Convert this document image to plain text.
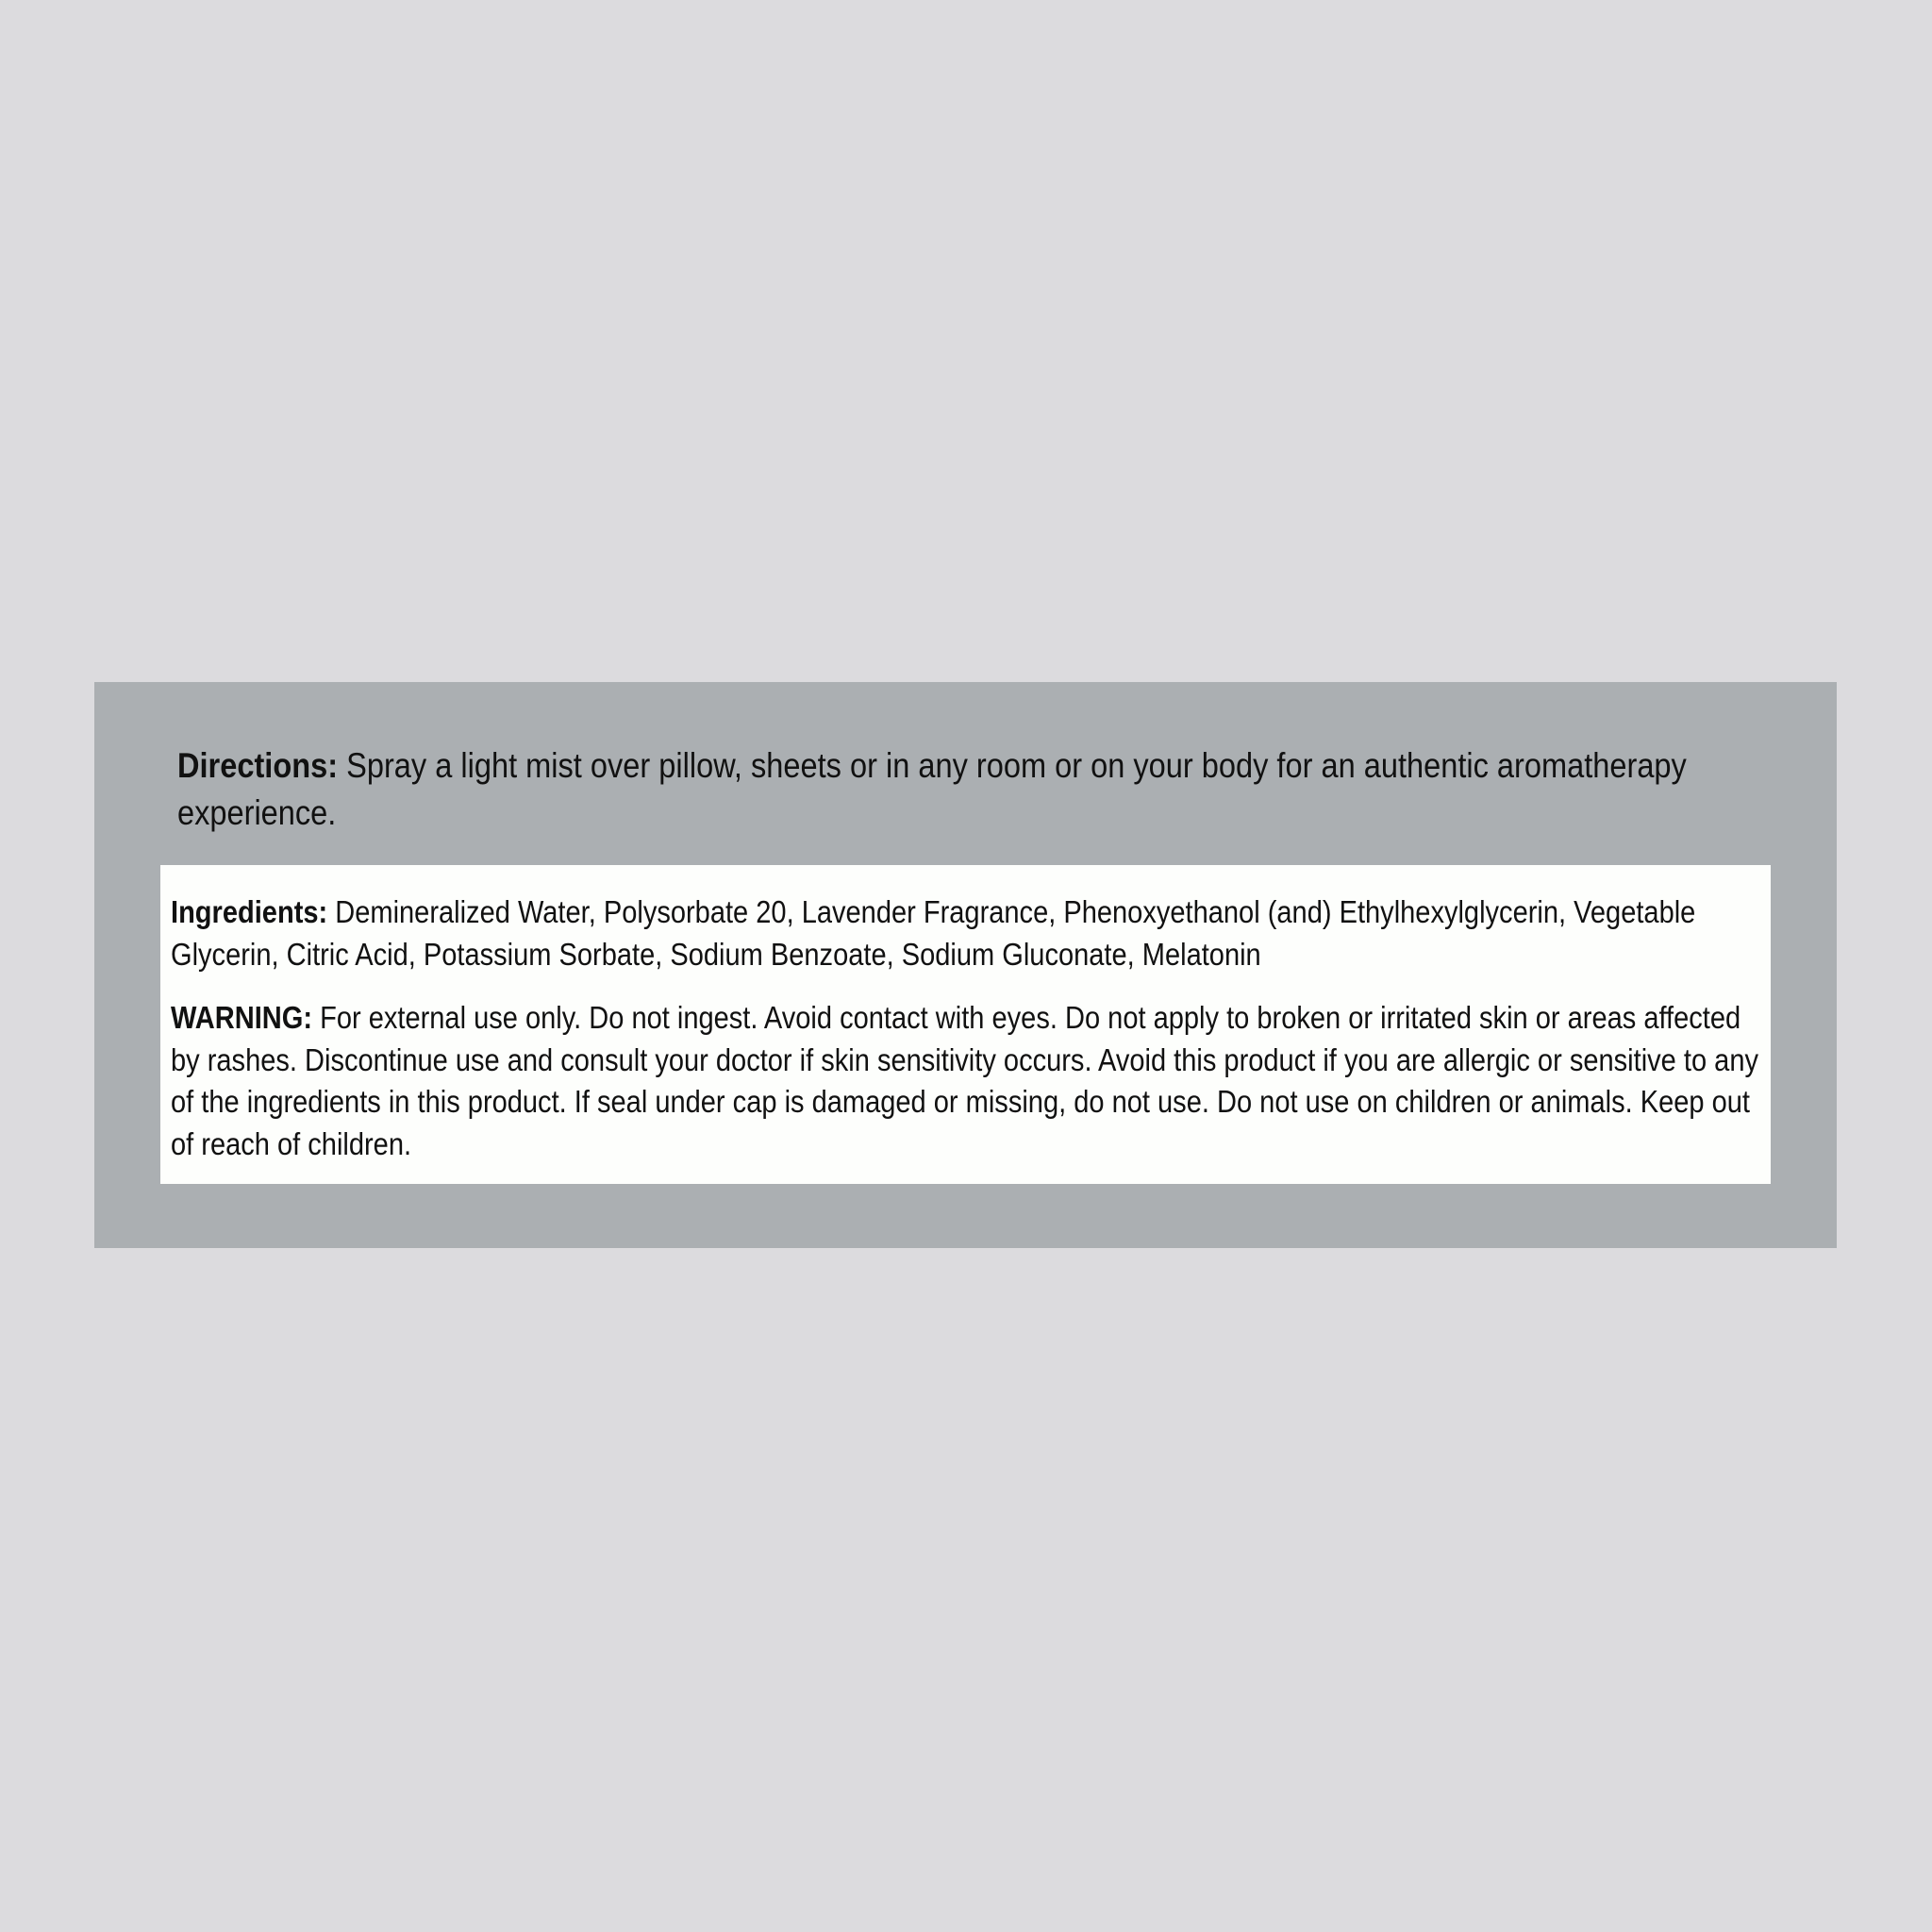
Directions: Spray a light mist over pillow, sheets or in any room or on your body for an authentic aromatherapy experience.

Ingredients: Demineralized Water, Polysorbate 20, Lavender Fragrance, Phenoxyethanol (and) Ethylhexylglycerin, Vegetable Glycerin, Citric Acid, Potassium Sorbate, Sodium Benzoate, Sodium Gluconate, Melatonin

WARNING: For external use only. Do not ingest. Avoid contact with eyes. Do not apply to broken or irritated skin or areas affected by rashes. Discontinue use and consult your doctor if skin sensitivity occurs. Avoid this product if you are allergic or sensitive to any of the ingredients in this product. If seal under cap is damaged or missing, do not use. Do not use on children or animals. Keep out of reach of children.
